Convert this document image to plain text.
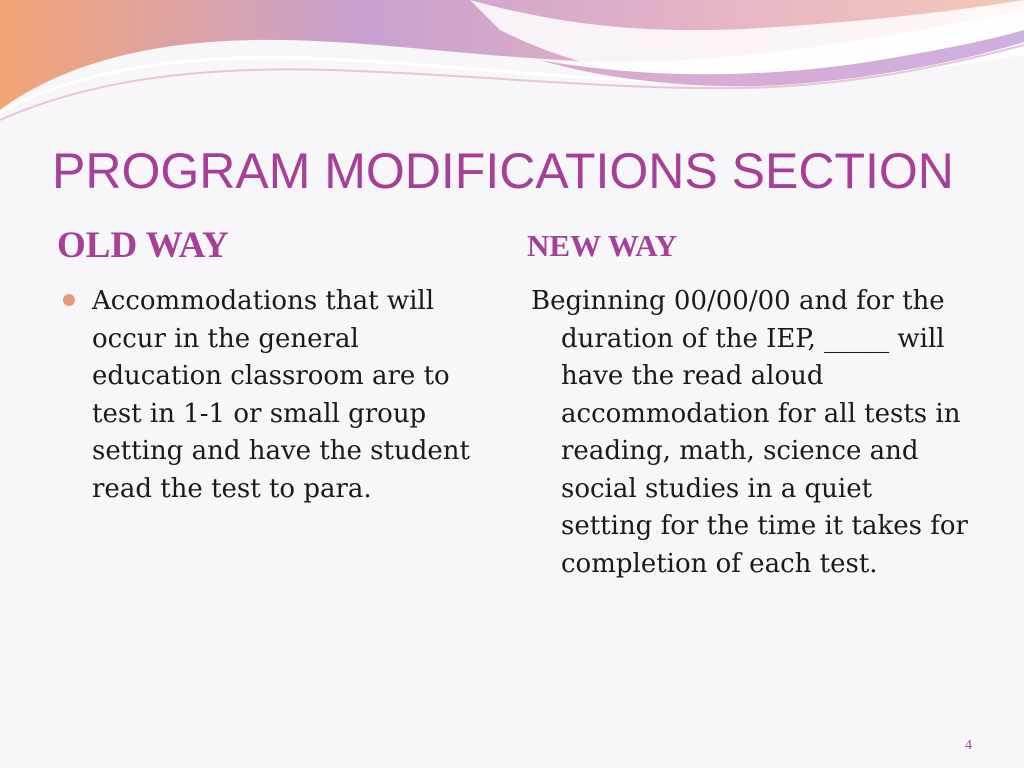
PROGRAM MODIFICATIONS SECTION
OLD WAY	NEW WAY
Accommodations that will occur in the general education classroom are to test in 1-1 or small group setting and have the student read the test to para.
Beginning 00/00/00 and for the duration of the IEP, _____ will have the read aloud accommodation for all tests in reading, math, science and social studies in a quiet setting for the time it takes for completion of each test.
4
